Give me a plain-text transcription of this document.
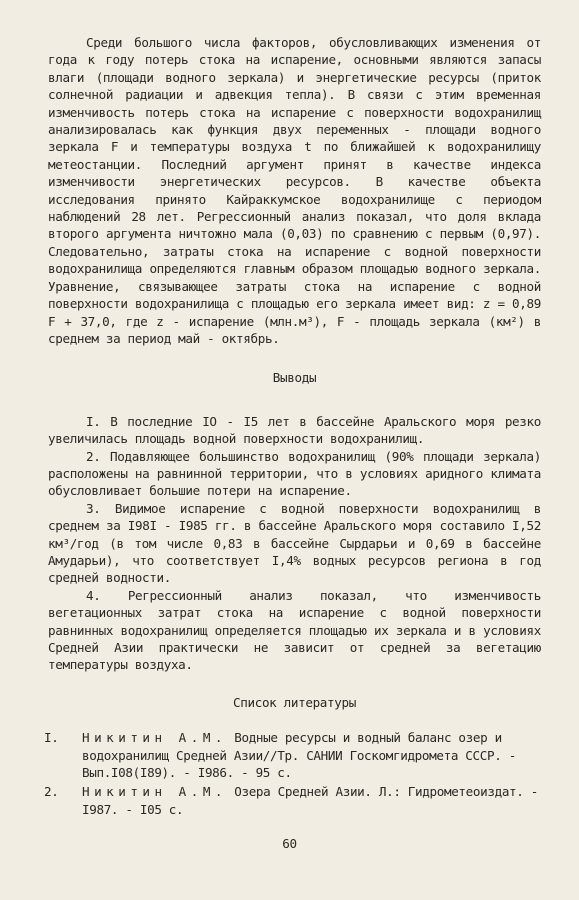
Среди большого числа факторов, обусловливающих изменения от года к году потерь стока на испарение, основными являются запасы влаги (площади водного зеркала) и энергетические ресурсы (приток солнечной радиации и адвекция тепла). В связи с этим временная изменчивость потерь стока на испарение с поверхности водохранилищ анализировалась как функция двух переменных - площади водного зеркала F и температуры воздуха t по ближайшей к водохранилищу метеостанции. Последний аргумент принят в качестве индекса изменчивости энергетических ресурсов. В качестве объекта исследования принято Кайраккумское водохранилище с периодом наблюдений 28 лет. Регрессионный анализ показал, что доля вклада второго аргумента ничтожно мала (0,03) по сравнению с первым (0,97). Следовательно, затраты стока на испарение с водной поверхности водохранилища определяются главным образом площадью водного зеркала. Уравнение, связывающее затраты стока на испарение с водной поверхности водохранилища с площадью его зеркала имеет вид: z = 0,89 F + 37,0, где z - испарение (млн.м³), F - площадь зеркала (км²) в среднем за период май - октябрь.

Выводы

I. В последние IO - I5 лет в бассейне Аральского моря резко увеличилась площадь водной поверхности водохранилищ.

2. Подавляющее большинство водохранилищ (90% площади зеркала) расположены на равнинной территории, что в условиях аридного климата обусловливает большие потери на испарение.

3. Видимое испарение с водной поверхности водохранилищ в среднем за I98I - I985 гг. в бассейне Аральского моря составило I,52 км³/год (в том числе 0,83 в бассейне Сырдарьи и 0,69 в бассейне Амударьи), что соответствует I,4% водных ресурсов региона в год средней водности.

4. Регрессионный анализ показал, что изменчивость вегетационных затрат стока на испарение с водной поверхности равнинных водохранилищ определяется площадью их зеркала и в условиях Средней Азии практически не зависит от средней за вегетацию температуры воздуха.

Список литературы
I. Никитин А.М. Водные ресурсы и водный баланс озер и водохранилищ Средней Азии//Тр. САНИИ Госкомгидромета СССР. - Вып.I08(I89). - I986. - 95 с.
2. Никитин А.М. Озера Средней Азии. Л.: Гидрометеоиздат. - I987. - I05 с.
60
